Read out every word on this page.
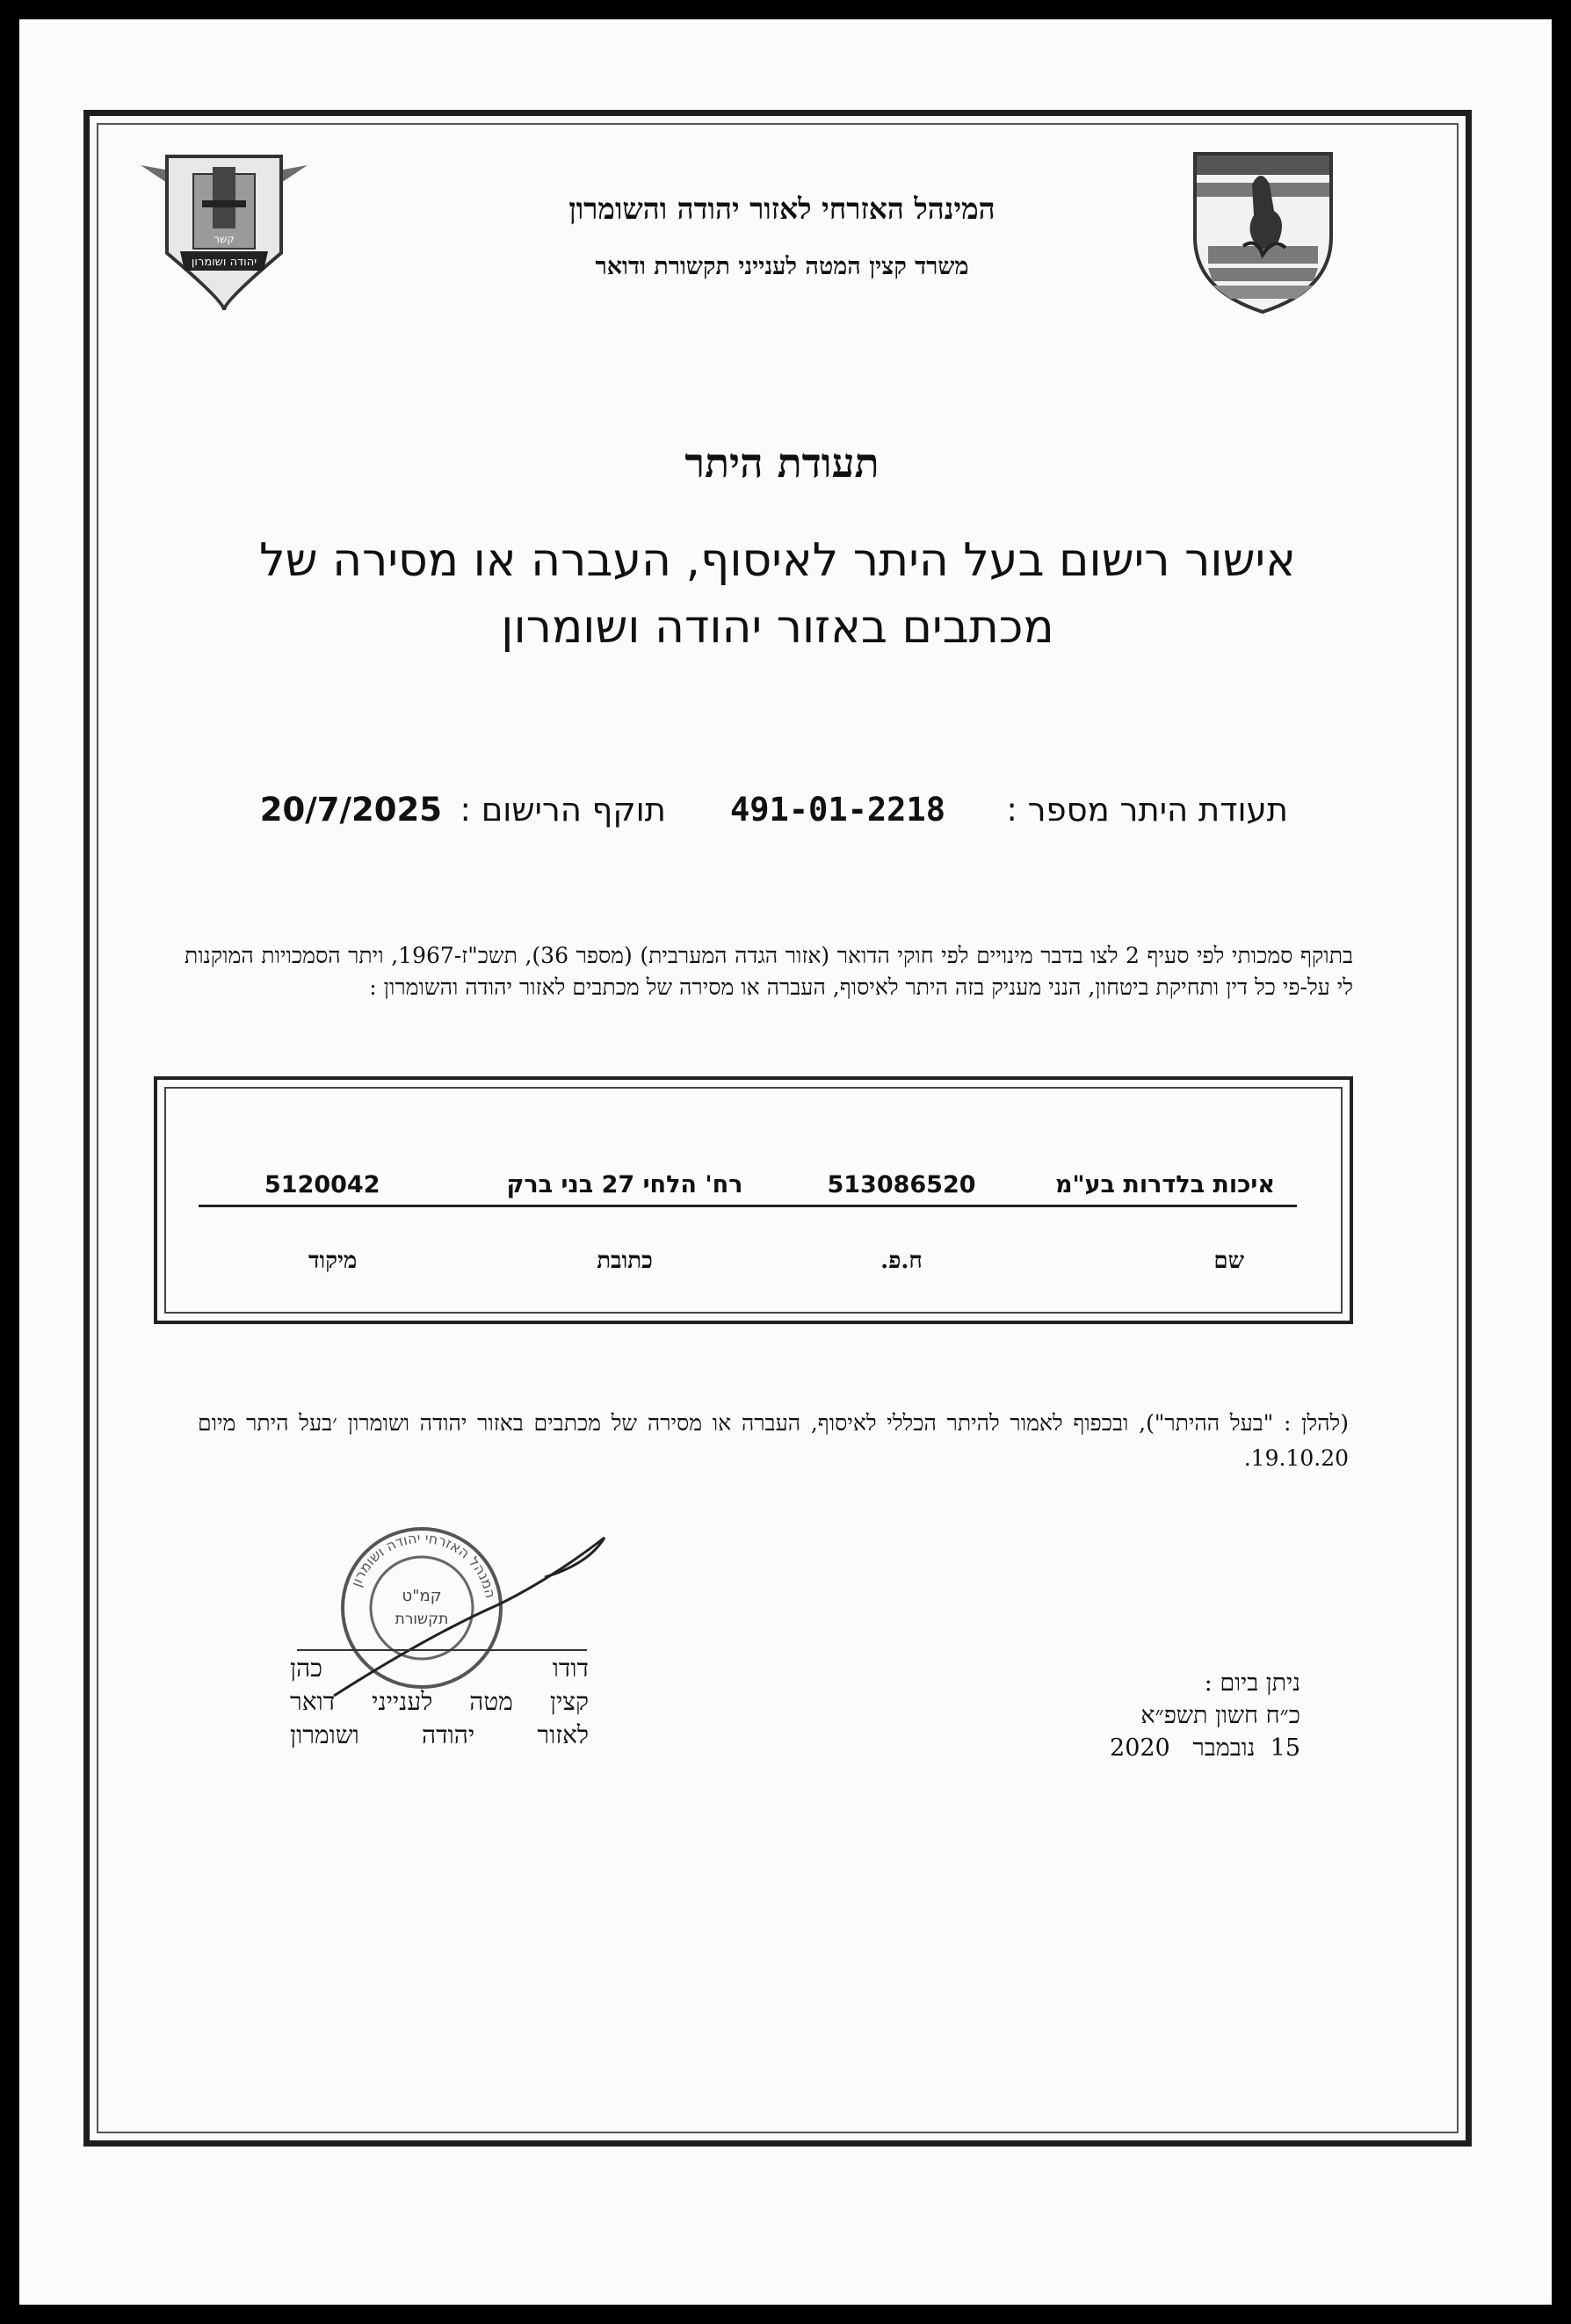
יהודה ושומרון
קשר
המינהל האזרחי לאזור יהודה והשומרון
משרד קצין המטה לענייני תקשורת ודואר
תעודת היתר
אישור רישום בעל היתר לאיסוף, העברה או מסירה של
מכתבים באזור יהודה ושומרון
תעודת היתר מספר :
491-01-2218
תוקף הרישום :
20/7/2025
בתוקף סמכותי לפי סעיף 2 לצו בדבר מינויים לפי חוקי הדואר (אזור הגדה המערבית) (מספר 36), תשכ"ז-1967, ויתר הסמכויות המוקנות לי על-פי כל דין ותחיקת ביטחון, הנני מעניק בזה היתר לאיסוף, העברה או מסירה של מכתבים לאזור יהודה והשומרון :
איכות בלדרות בע"מ
שם
513086520
ח.פ.
רח' הלחי 27 בני ברק
כתובת
5120042
מיקוד
(להלן : "בעל ההיתר"), ובכפוף לאמור להיתר הכללי לאיסוף, העברה או מסירה של מכתבים באזור יהודה ושומרון ׳בעל היתר מיום 19.10.20.
המנהל האזרחי יהודה ושומרון
קמ"ט
תקשורת
דודו
כהן
קצין
מטה
לענייני
דואר
לאזור
יהודה
ושומרון
ניתן ביום :
כ״ח חשון תשפ״א
15  נובמבר   2020
